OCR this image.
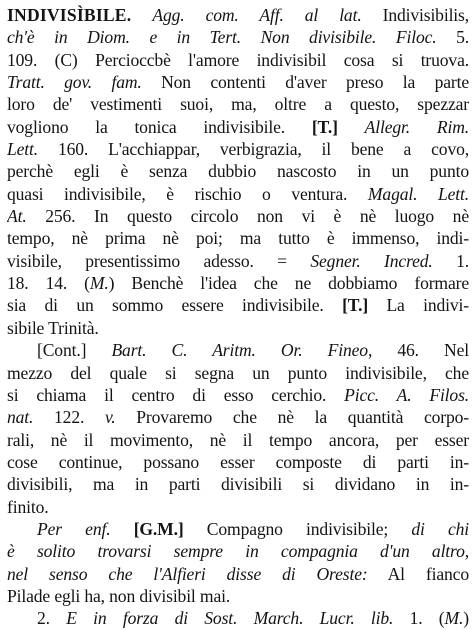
INDIVISÌBILE. Agg. com. Aff. al lat. Indivisibilis,
ch'è in Diom. e in Tert. Non divisibile. Filoc. 5.
109. (C) Percioccbè l'amore indivisibil cosa si truova.
Tratt. gov. fam. Non contenti d'aver preso la parte
loro de' vestimenti suoi, ma, oltre a questo, spezzar
vogliono la tonica indivisibile. [T.] Allegr. Rim.
Lett. 160. L'acchiappar, verbigrazia, il bene a covo,
perchè egli è senza dubbio nascosto in un punto
quasi indivisibile, è rischio o ventura. Magal. Lett.
At. 256. In questo circolo non vi è nè luogo nè
tempo, nè prima nè poi; ma tutto è immenso, indi-
visibile, presentissimo adesso. = Segner. Incred. 1.
18. 14. (M.) Benchè l'idea che ne dobbiamo formare
sia di un sommo essere indivisibile. [T.] La indivi-
sibile Trinità.
[Cont.] Bart. C. Aritm. Or. Fineo, 46. Nel
mezzo del quale si segna un punto indivisibile, che
si chiama il centro di esso cerchio. Picc. A. Filos.
nat. 122. v. Provaremo che nè la quantità corpo-
rali, nè il movimento, nè il tempo ancora, per esser
cose continue, possano esser composte di parti in-
divisibili, ma in parti divisibili si dividano in in-
finito.
Per enf. [G.M.] Compagno indivisibile; di chi
è solito trovarsi sempre in compagnia d'un altro,
nel senso che l'Alfieri disse di Oreste: Al fianco
Pilade egli ha, non divisibil mai.
2. E in forza di Sost. March. Lucr. lib. 1. (M.)
